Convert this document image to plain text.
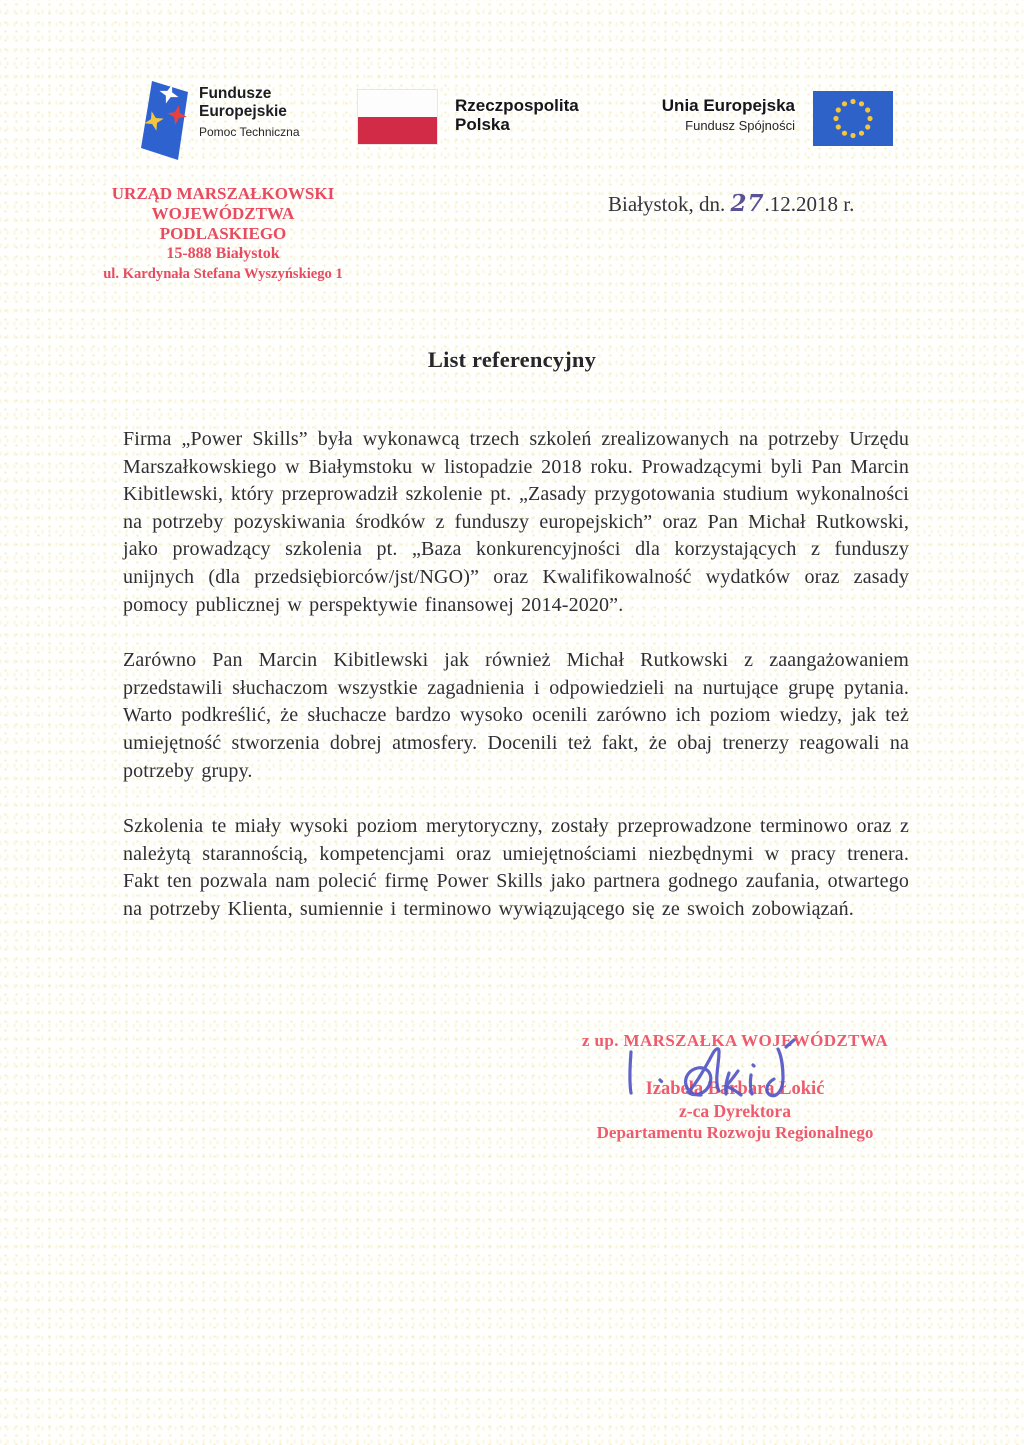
Fundusze
Europejskie
Pomoc Techniczna
Rzeczpospolita
Polska
Unia Europejska
Fundusz Spójności
URZĄD MARSZAŁKOWSKI
WOJEWÓDZTWA PODLASKIEGO
15-888 Białystok
ul. Kardynała Stefana Wyszyńskiego 1
Białystok, dn. 27.12.2018 r.
List referencyjny

Firma „Power Skills” była wykonawcą trzech szkoleń zrealizowanych na potrzeby Urzędu Marszałkowskiego w Białymstoku w listopadzie 2018 roku. Prowadzącymi byli Pan Marcin Kibitlewski, który przeprowadził szkolenie pt. „Zasady przygotowania studium wykonalności na potrzeby pozyskiwania środków z funduszy europejskich” oraz Pan Michał Rutkowski, jako prowadzący szkolenia pt. „Baza konkurencyjności dla korzystających z funduszy unijnych (dla przedsiębiorców/jst/NGO)” oraz Kwalifikowalność wydatków oraz zasady pomocy publicznej w perspektywie finansowej 2014-2020”.

Zarówno Pan Marcin Kibitlewski jak również Michał Rutkowski z zaangażowaniem przedstawili słuchaczom wszystkie zagadnienia i odpowiedzieli na nurtujące grupę pytania. Warto podkreślić, że słuchacze bardzo wysoko ocenili zarówno ich poziom wiedzy, jak też umiejętność stworzenia dobrej atmosfery. Docenili też fakt, że obaj trenerzy reagowali na potrzeby grupy.

Szkolenia te miały wysoki poziom merytoryczny, zostały przeprowadzone terminowo oraz z należytą starannością, kompetencjami oraz umiejętnościami niezbędnymi w pracy trenera. Fakt ten pozwala nam polecić firmę Power Skills jako partnera godnego zaufania, otwartego na potrzeby Klienta, sumiennie i terminowo wywiązującego się ze swoich zobowiązań.

z up. MARSZAŁKA WOJEWÓDZTWA
Izabela Barbara Łokić
z-ca Dyrektora
Departamentu Rozwoju Regionalnego
